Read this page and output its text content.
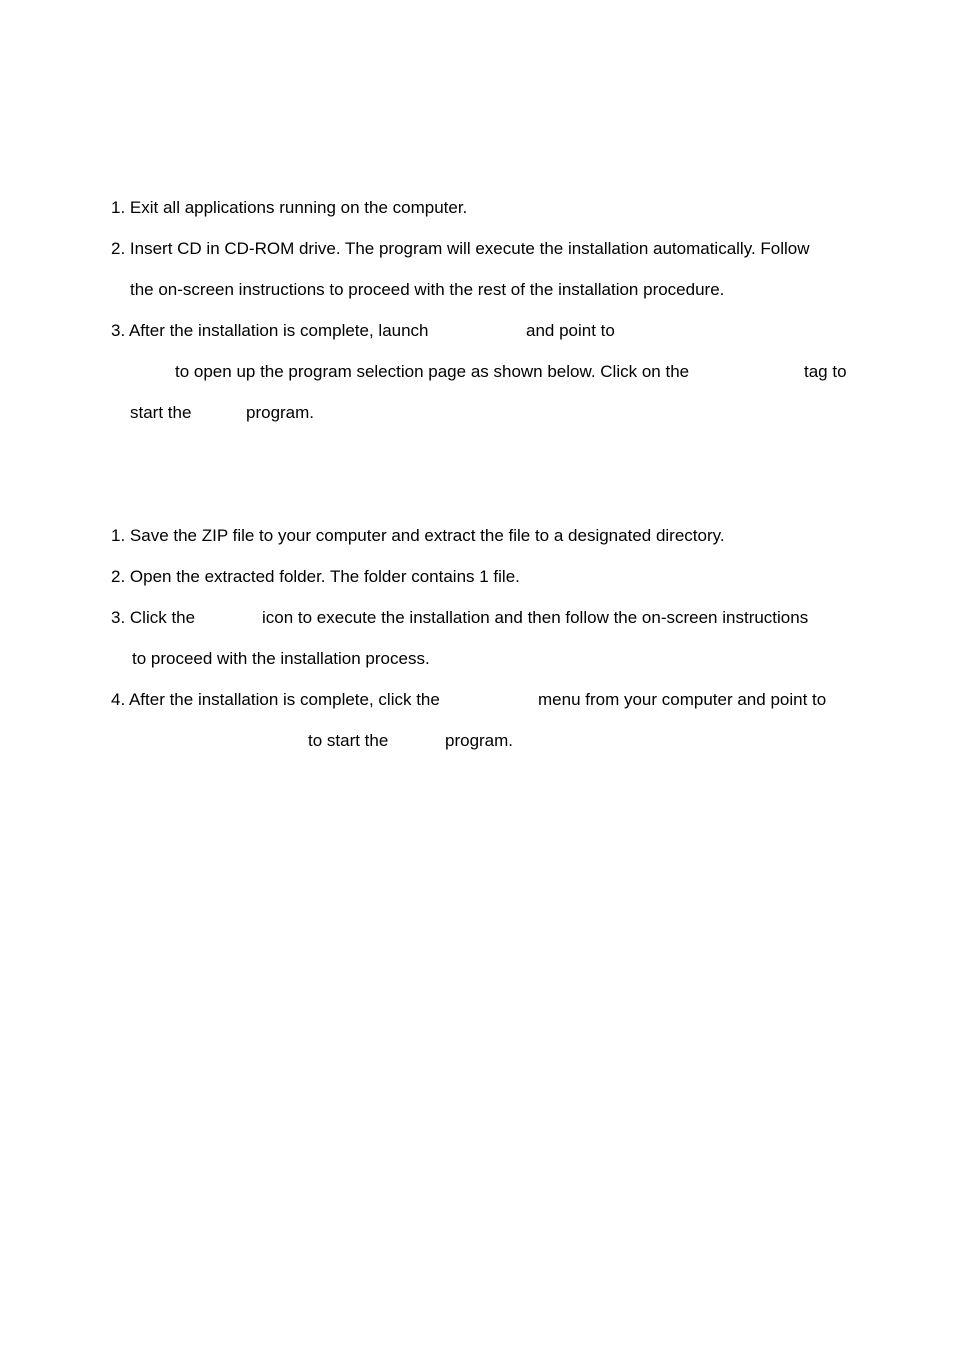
1. Exit all applications running on the computer.
2. Insert CD in CD-ROM drive. The program will execute the installation automatically. Follow
the on-screen instructions to proceed with the rest of the installation procedure.
3. After the installation is complete, launch	and point to
to open up the program selection page as shown below. Click on the	tag to
start the	program.
1. Save the ZIP file to your computer and extract the file to a designated directory.
2. Open the extracted folder. The folder contains 1 file.
3. Click the	icon to execute the installation and then follow the on-screen instructions
to proceed with the installation process.
4. After the installation is complete, click the	menu from your computer and point to
to start the	program.
